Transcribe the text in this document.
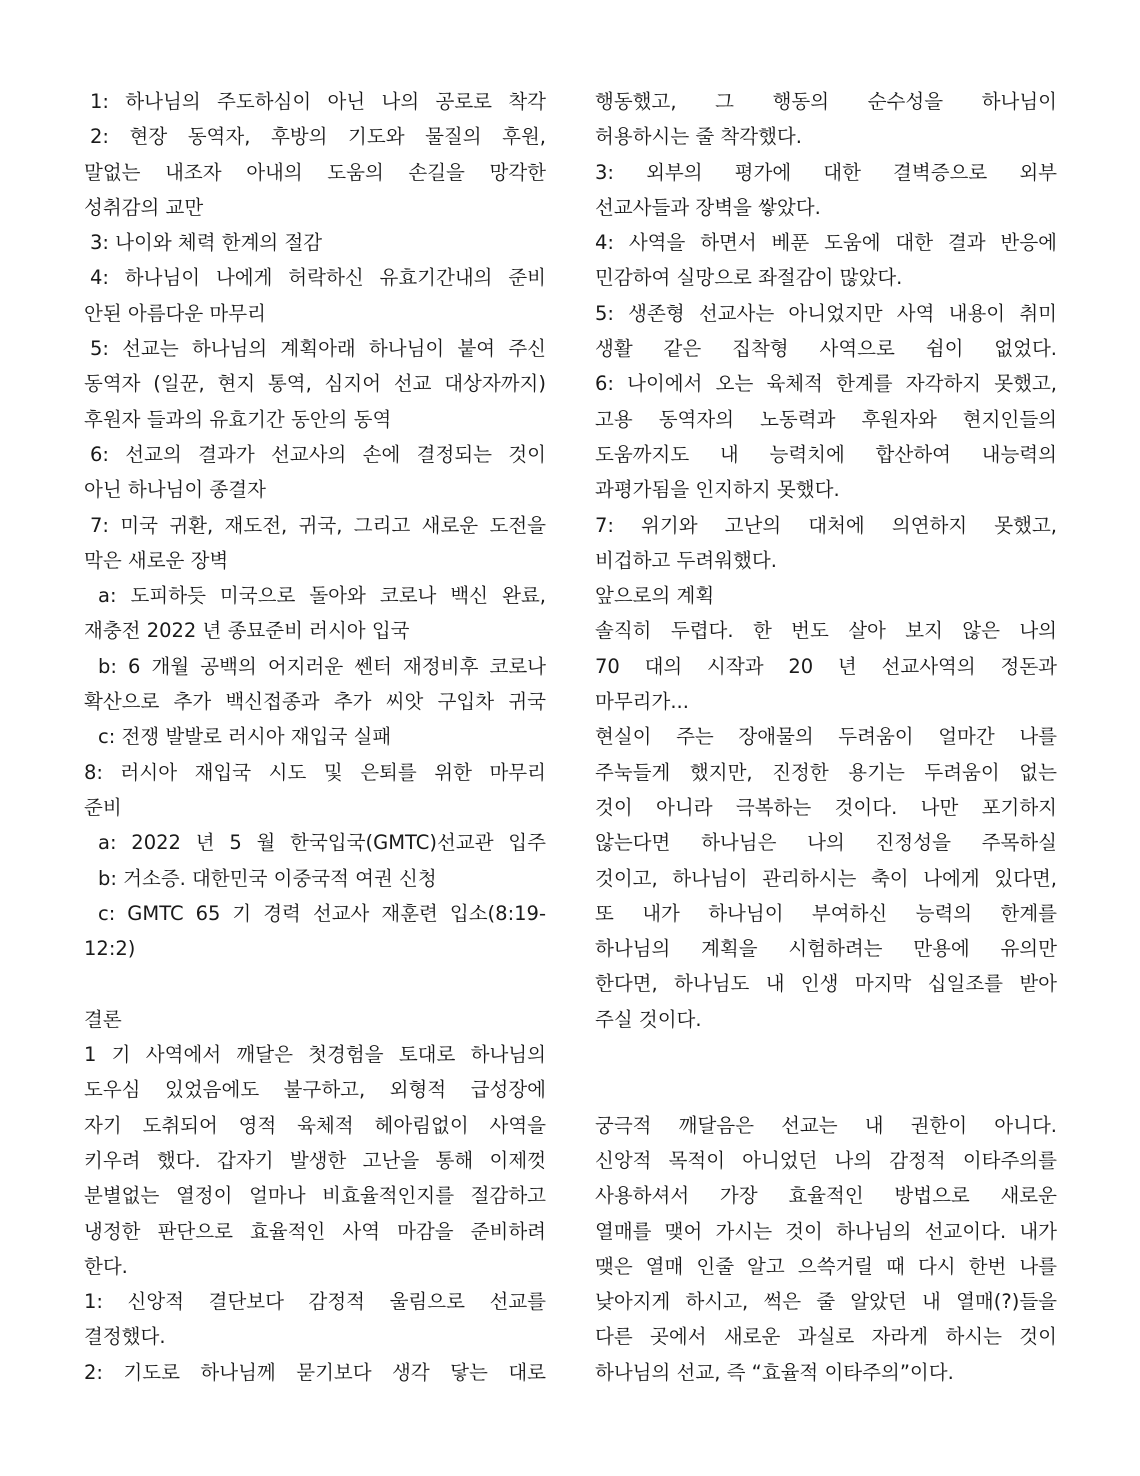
1: 하나님의 주도하심이 아닌 나의 공로로 착각
2: 현장 동역자, 후방의 기도와 물질의 후원,
말없는 내조자 아내의 도움의 손길을 망각한
성취감의 교만
3: 나이와 체력 한계의 절감
4: 하나님이 나에게 허락하신 유효기간내의 준비
안된 아름다운 마무리
5: 선교는 하나님의 계획아래 하나님이 붙여 주신
동역자 (일꾼, 현지 통역, 심지어 선교 대상자까지)
후원자 들과의 유효기간 동안의 동역
6: 선교의 결과가 선교사의 손에 결정되는 것이
아닌 하나님이 종결자
7: 미국 귀환, 재도전, 귀국, 그리고 새로운 도전을
막은 새로운 장벽
a: 도피하듯 미국으로 돌아와 코로나 백신 완료,
재충전 2022 년 종묘준비 러시아 입국
b: 6 개월 공백의 어지러운 쎈터 재정비후 코로나
확산으로 추가 백신접종과 추가 씨앗 구입차 귀국
c: 전쟁 발발로 러시아 재입국 실패
8: 러시아 재입국 시도 및 은퇴를 위한 마무리
준비
a: 2022 년 5 월 한국입국(GMTC)선교관 입주
b: 거소증. 대한민국 이중국적 여권 신청
c: GMTC 65 기 경력 선교사 재훈련 입소(8:19-
12:2)
결론
1 기 사역에서 깨달은 첫경험을 토대로 하나님의
도우심 있었음에도 불구하고, 외형적 급성장에
자기 도취되어 영적 육체적 헤아림없이 사역을
키우려 했다. 갑자기 발생한 고난을 통해 이제껏
분별없는 열정이 얼마나 비효율적인지를 절감하고
냉정한 판단으로 효율적인 사역 마감을 준비하려
한다.
1: 신앙적 결단보다 감정적 울림으로 선교를
결정했다.
2: 기도로 하나님께 묻기보다 생각 닿는 대로
행동했고, 그 행동의 순수성을 하나님이
허용하시는 줄 착각했다.
3: 외부의 평가에 대한 결벽증으로 외부
선교사들과 장벽을 쌓았다.
4: 사역을 하면서 베푼 도움에 대한 결과 반응에
민감하여 실망으로 좌절감이 많았다.
5: 생존형 선교사는 아니었지만 사역 내용이 취미
생활 같은 집착형 사역으로 쉼이 없었다.
6: 나이에서 오는 육체적 한계를 자각하지 못했고,
고용 동역자의 노동력과 후원자와 현지인들의
도움까지도 내 능력치에 합산하여 내능력의
과평가됨을 인지하지 못했다.
7: 위기와 고난의 대처에 의연하지 못했고,
비겁하고 두려워했다.
앞으로의 계획
솔직히 두렵다. 한 번도 살아 보지 않은 나의
70 대의 시작과 20 년 선교사역의 정돈과
마무리가...
현실이 주는 장애물의 두려움이 얼마간 나를
주눅들게 했지만, 진정한 용기는 두려움이 없는
것이 아니라 극복하는 것이다. 나만 포기하지
않는다면 하나님은 나의 진정성을 주목하실
것이고, 하나님이 관리하시는 축이 나에게 있다면,
또 내가 하나님이 부여하신 능력의 한계를
하나님의 계획을 시험하려는 만용에 유의만
한다면, 하나님도 내 인생 마지막 십일조를 받아
주실 것이다.
궁극적 깨달음은 선교는 내 권한이 아니다.
신앙적 목적이 아니었던 나의 감정적 이타주의를
사용하셔서 가장 효율적인 방법으로 새로운
열매를 맺어 가시는 것이 하나님의 선교이다. 내가
맺은 열매 인줄 알고 으쓱거릴 때 다시 한번 나를
낮아지게 하시고, 썩은 줄 알았던 내 열매(?)들을
다른 곳에서 새로운 과실로 자라게 하시는 것이
하나님의 선교, 즉 “효율적 이타주의”이다.
